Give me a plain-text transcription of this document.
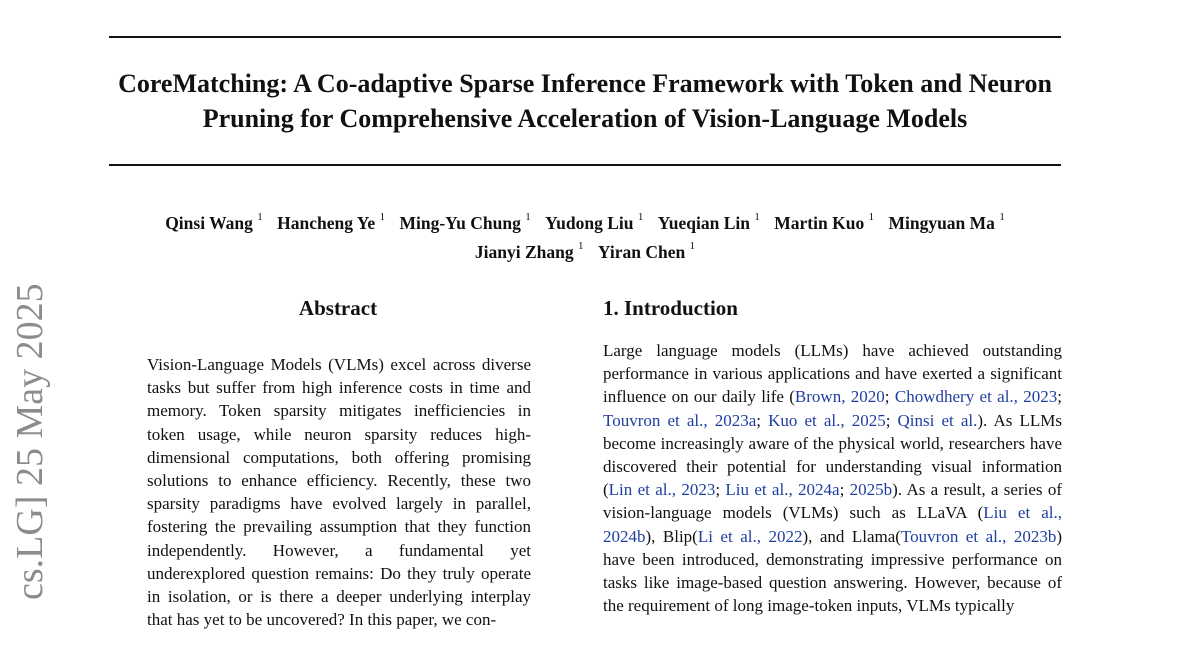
CoreMatching: A Co-adaptive Sparse Inference Framework with Token and Neuron Pruning for Comprehensive Acceleration of Vision-Language Models
Qinsi Wang $^1$ Hancheng Ye $^1$ Ming-Yu Chung $^1$ Yudong Liu $^1$ Yueqian Lin $^1$ Martin Kuo $^1$ Mingyuan Ma $^1$
Jianyi Zhang $^1$ Yiran Chen $^1$
cs.LG] 25 May 2025	Abstract
Vision-Language Models (VLMs) excel across diverse tasks but suffer from high inference costs in time and memory. Token sparsity mitigates inefficiencies in token usage, while neuron sparsity reduces high-dimensional computations, both offering promising solutions to enhance efficiency. Recently, these two sparsity paradigms have evolved largely in parallel, fostering the prevailing assumption that they function independently. However, a fundamental yet underexplored question remains: Do they truly operate in isolation, or is there a deeper underlying interplay that has yet to be uncovered? In this paper, we con-
1. Introduction
Large language models (LLMs) have achieved outstanding performance in various applications and have exerted a significant influence on our daily life (Brown, 2020; Chowdhery et al., 2023; Touvron et al., 2023a; Kuo et al., 2025; Qinsi et al.). As LLMs become increasingly aware of the physical world, researchers have discovered their potential for understanding visual information (Lin et al., 2023; Liu et al., 2024a; 2025b). As a result, a series of vision-language models (VLMs) such as LLaVA (Liu et al., 2024b), Blip(Li et al., 2022), and Llama(Touvron et al., 2023b) have been introduced, demonstrating impressive performance on tasks like image-based question answering. However, because of the requirement of long image-token inputs, VLMs typically
